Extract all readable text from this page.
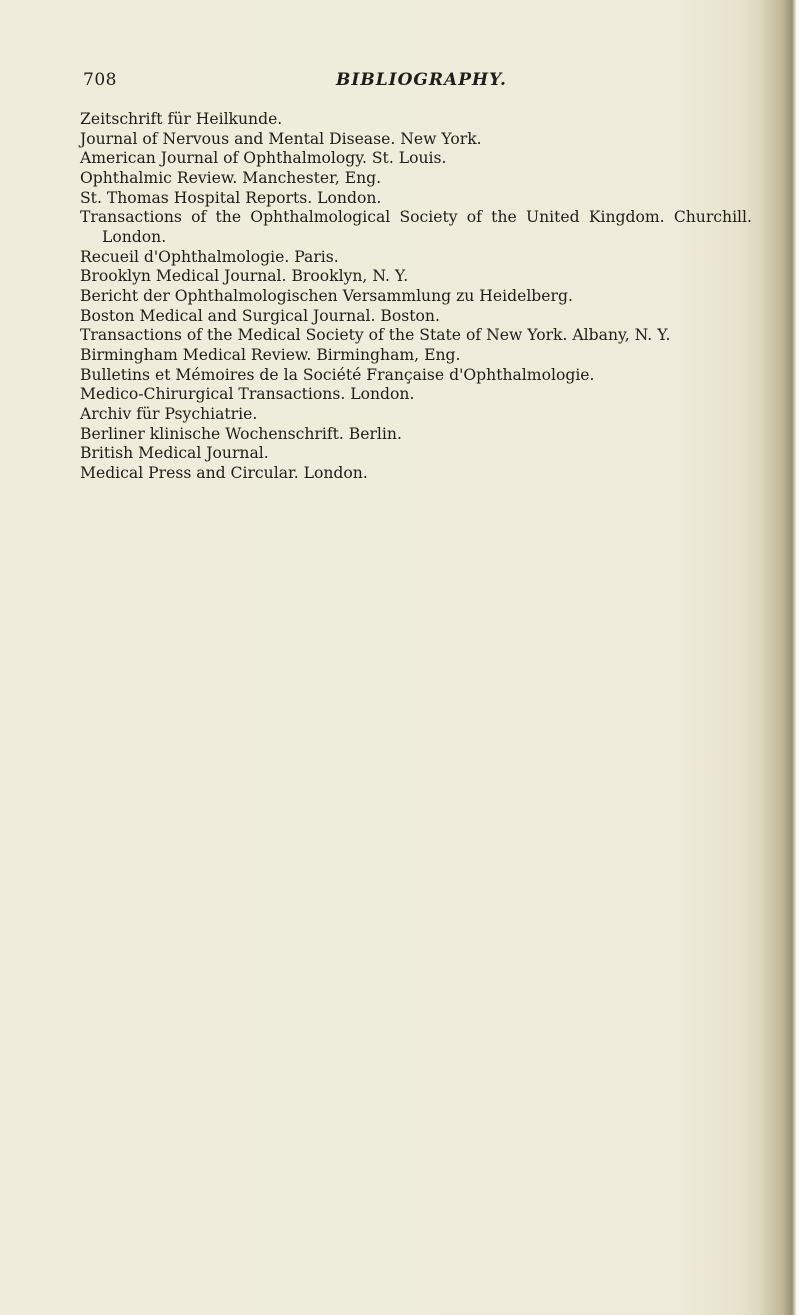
708	BIBLIOGRAPHY.
Zeitschrift für Heilkunde.
Journal of Nervous and Mental Disease. New York.
American Journal of Ophthalmology. St. Louis.
Ophthalmic Review. Manchester, Eng.
St. Thomas Hospital Reports. London.
Transactions of the Ophthalmological Society of the United Kingdom. Churchill. London.
Recueil d'Ophthalmologie. Paris.
Brooklyn Medical Journal. Brooklyn, N. Y.
Bericht der Ophthalmologischen Versammlung zu Heidelberg.
Boston Medical and Surgical Journal. Boston.
Transactions of the Medical Society of the State of New York. Albany, N. Y.
Birmingham Medical Review. Birmingham, Eng.
Bulletins et Mémoires de la Société Française d'Ophthalmologie.
Medico-Chirurgical Transactions. London.
Archiv für Psychiatrie.
Berliner klinische Wochenschrift. Berlin.
British Medical Journal.
Medical Press and Circular. London.
